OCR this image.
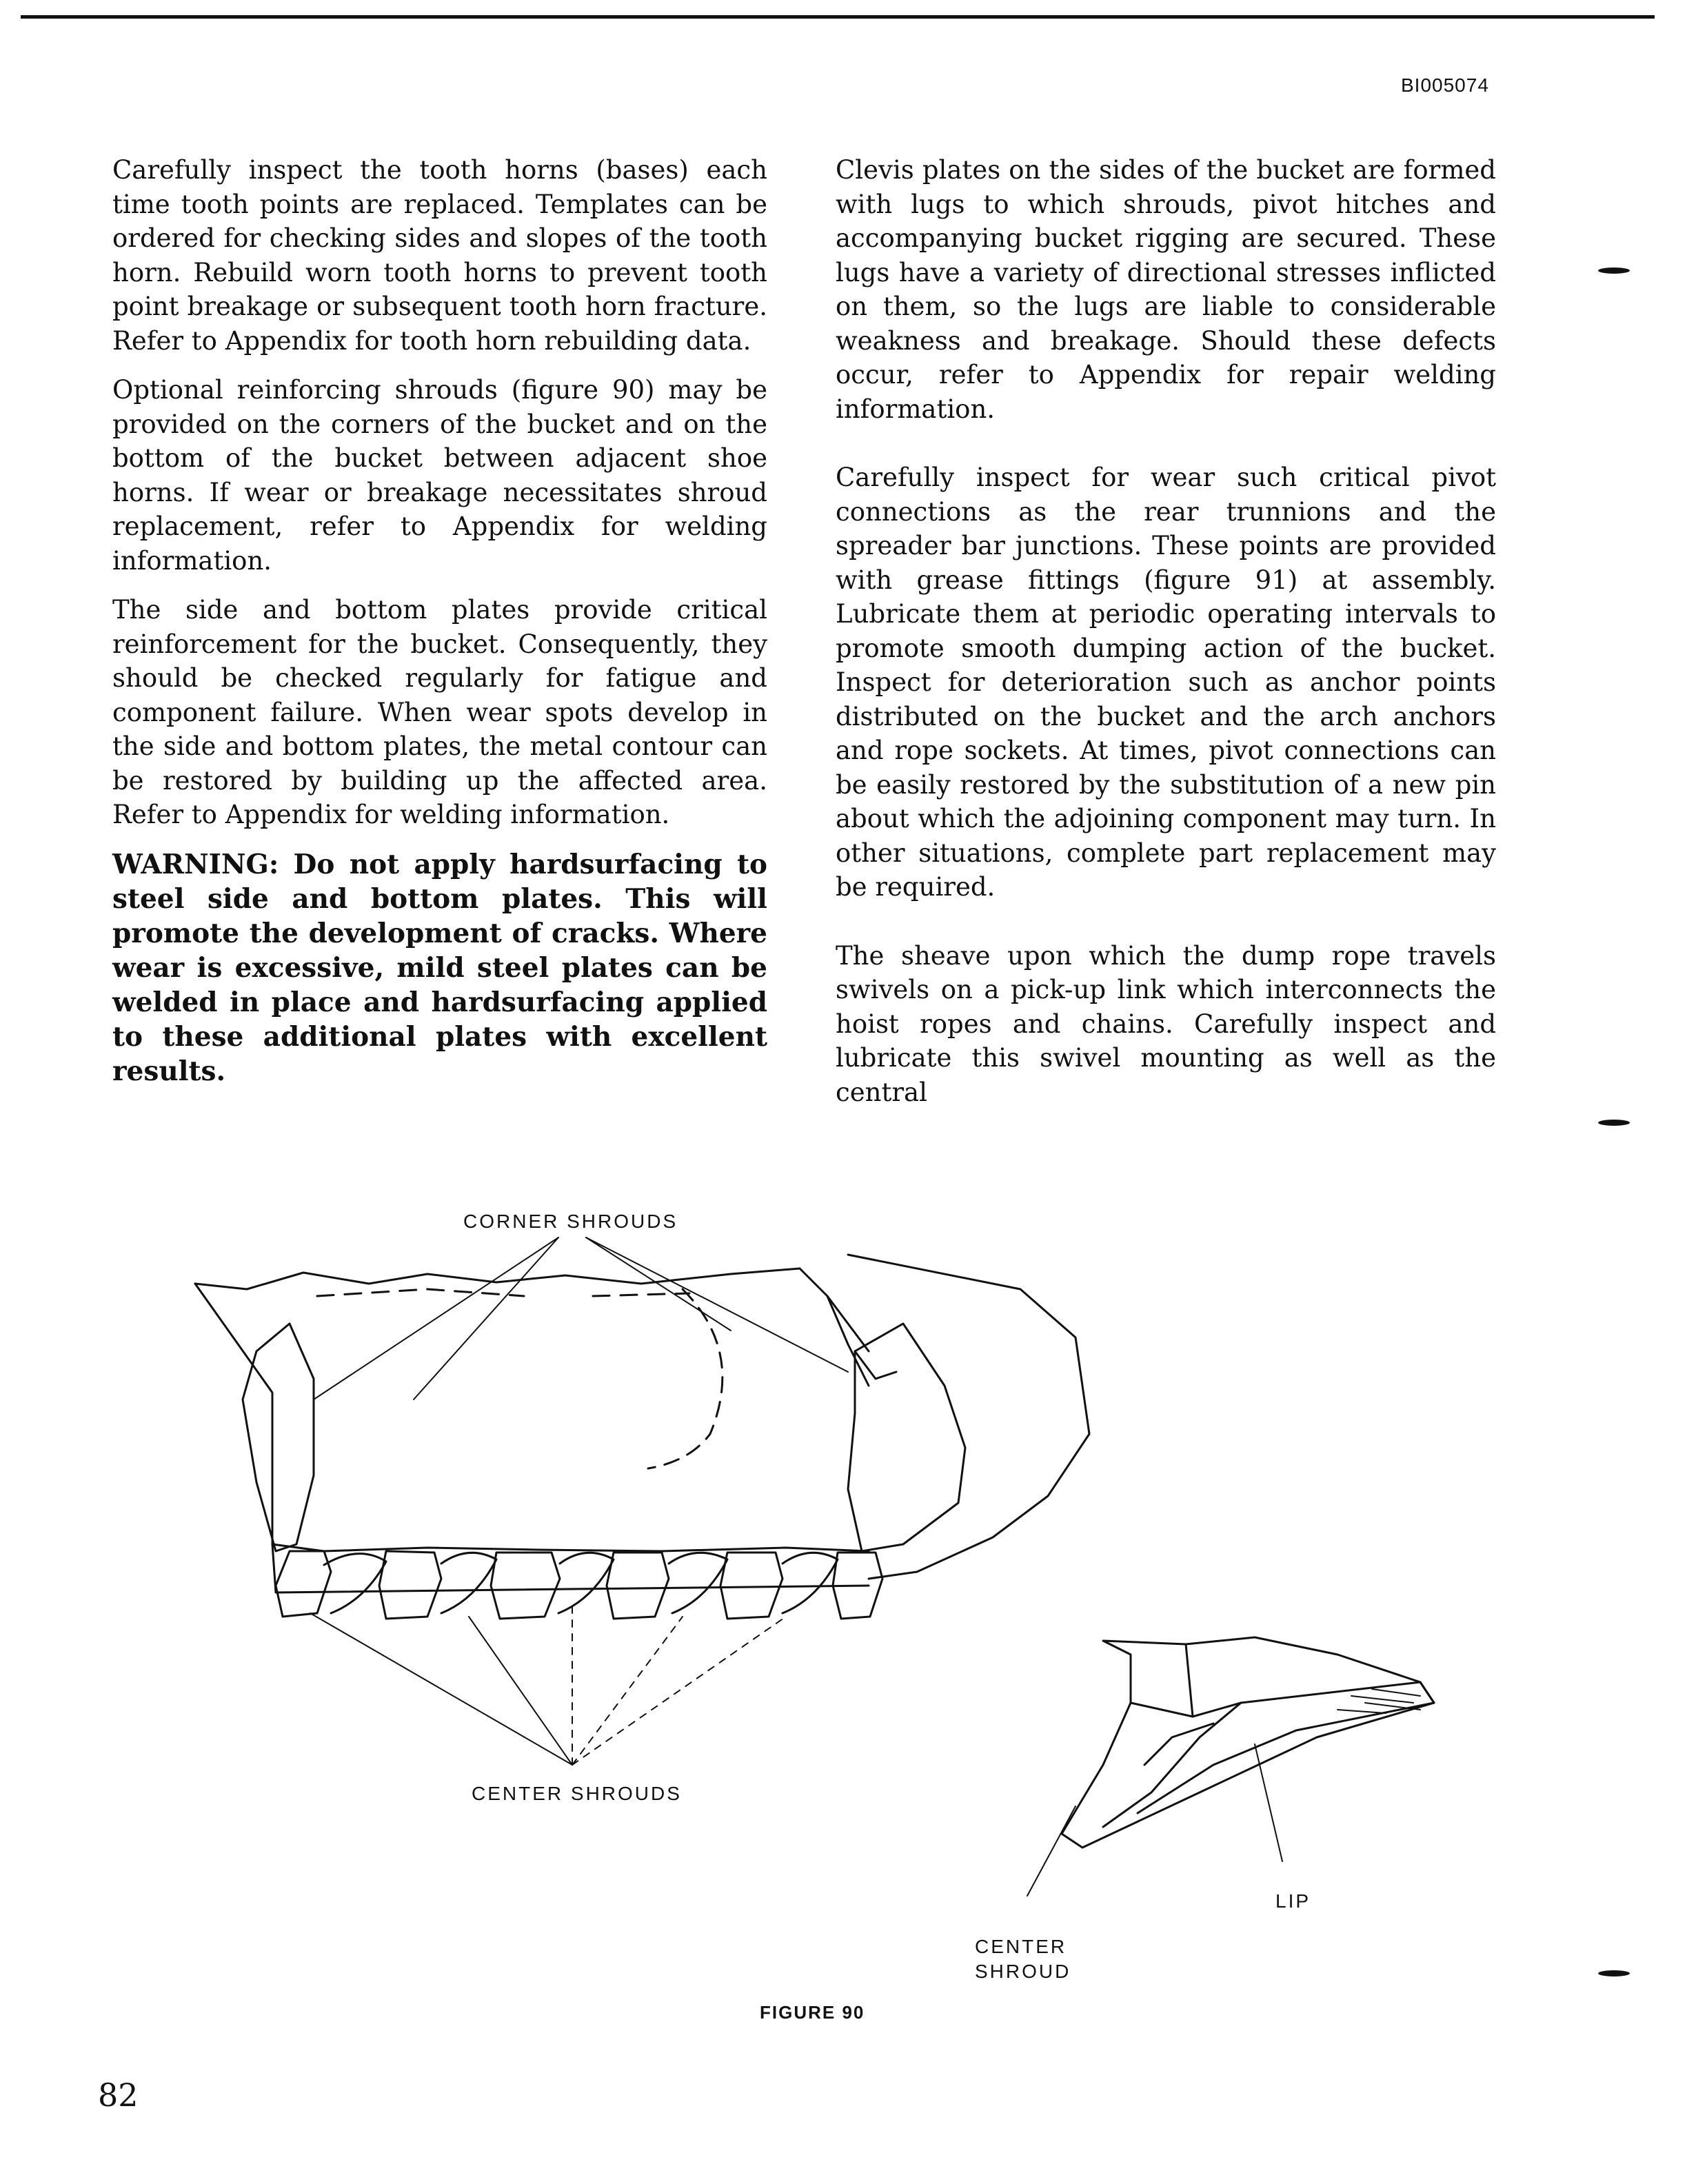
BI005074

Carefully inspect the tooth horns (bases) each time tooth points are replaced. Templates can be ordered for checking sides and slopes of the tooth horn. Rebuild worn tooth horns to prevent tooth point breakage or subsequent tooth horn fracture. Refer to Appendix for tooth horn rebuilding data.

Optional reinforcing shrouds (figure 90) may be provided on the corners of the bucket and on the bottom of the bucket between adjacent shoe horns. If wear or breakage necessitates shroud replacement, refer to Appendix for welding information.

The side and bottom plates provide critical reinforcement for the bucket. Consequently, they should be checked regularly for fatigue and component failure. When wear spots develop in the side and bottom plates, the metal contour can be restored by building up the affected area. Refer to Appendix for welding information.

WARNING: Do not apply hardsurfacing to steel side and bottom plates. This will promote the development of cracks. Where wear is excessive, mild steel plates can be welded in place and hardsurfacing applied to these additional plates with excellent results.

Clevis plates on the sides of the bucket are formed with lugs to which shrouds, pivot hitches and accompanying bucket rigging are secured. These lugs have a variety of directional stresses inflicted on them, so the lugs are liable to considerable weakness and breakage. Should these defects occur, refer to Appendix for repair welding information.

Carefully inspect for wear such critical pivot connections as the rear trunnions and the spreader bar junctions. These points are provided with grease fittings (figure 91) at assembly. Lubricate them at periodic operating intervals to promote smooth dumping action of the bucket. Inspect for deterioration such as anchor points distributed on the bucket and the arch anchors and rope sockets. At times, pivot connections can be easily restored by the substitution of a new pin about which the adjoining component may turn. In other situations, complete part replacement may be required.

The sheave upon which the dump rope travels swivels on a pick-up link which interconnects the hoist ropes and chains. Carefully inspect and lubricate this swivel mounting as well as the central

CORNER SHROUDS
CENTER SHROUDS
LIP
CENTER
SHROUD
FIGURE 90
82
